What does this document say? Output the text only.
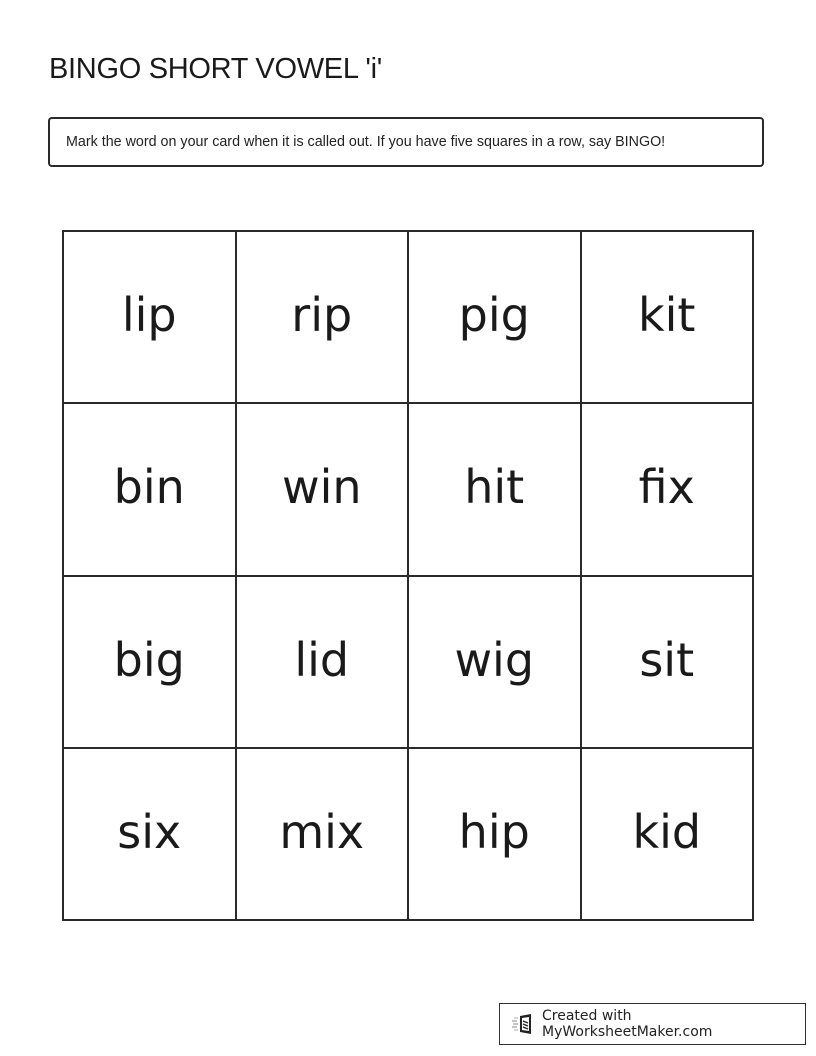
BINGO SHORT VOWEL 'i'
Mark the word on your card when it is called out. If you have five squares in a row, say BINGO!
lip	rip	pig	kit
bin	win	hit	fix
big	lid	wig	sit
six	mix	hip	kid
Created with MyWorksheetMaker.com
